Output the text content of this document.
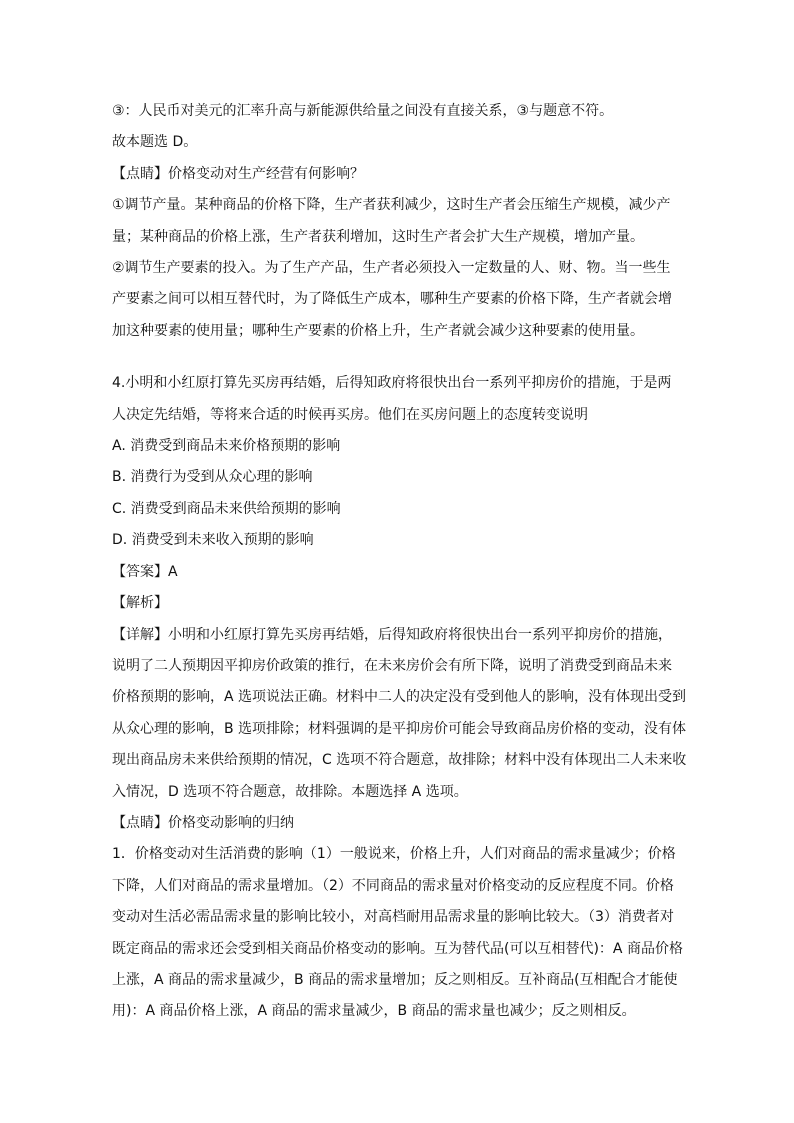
③：人民币对美元的汇率升高与新能源供给量之间没有直接关系，③与题意不符。
故本题选 D。
【点睛】价格变动对生产经营有何影响？
①调节产量。某种商品的价格下降，生产者获利减少，这时生产者会压缩生产规模，减少产
量；某种商品的价格上涨，生产者获利增加，这时生产者会扩大生产规模，增加产量。
②调节生产要素的投入。为了生产产品，生产者必须投入一定数量的人、财、物。当一些生
产要素之间可以相互替代时，为了降低生产成本，哪种生产要素的价格下降，生产者就会增
加这种要素的使用量；哪种生产要素的价格上升，生产者就会减少这种要素的使用量。
4.小明和小红原打算先买房再结婚，后得知政府将很快出台一系列平抑房价的措施，于是两
人决定先结婚，等将来合适的时候再买房。他们在买房问题上的态度转变说明
A. 消费受到商品未来价格预期的影响
B. 消费行为受到从众心理的影响
C. 消费受到商品未来供给预期的影响
D. 消费受到未来收入预期的影响
【答案】A
【解析】
【详解】小明和小红原打算先买房再结婚，后得知政府将很快出台一系列平抑房价的措施，
说明了二人预期因平抑房价政策的推行，在未来房价会有所下降，说明了消费受到商品未来
价格预期的影响，A 选项说法正确。材料中二人的决定没有受到他人的影响，没有体现出受到
从众心理的影响，B 选项排除；材料强调的是平抑房价可能会导致商品房价格的变动，没有体
现出商品房未来供给预期的情况，C 选项不符合题意，故排除；材料中没有体现出二人未来收
入情况，D 选项不符合题意，故排除。本题选择 A 选项。
【点睛】价格变动影响的归纳
1．价格变动对生活消费的影响（1）一般说来，价格上升，人们对商品的需求量减少；价格
下降，人们对商品的需求量增加。（2）不同商品的需求量对价格变动的反应程度不同。价格
变动对生活必需品需求量的影响比较小，对高档耐用品需求量的影响比较大。（3）消费者对
既定商品的需求还会受到相关商品价格变动的影响。互为替代品(可以互相替代)：A 商品价格
上涨，A 商品的需求量减少，B 商品的需求量增加；反之则相反。互补商品(互相配合才能使
用)：A 商品价格上涨，A 商品的需求量减少，B 商品的需求量也减少；反之则相反。
